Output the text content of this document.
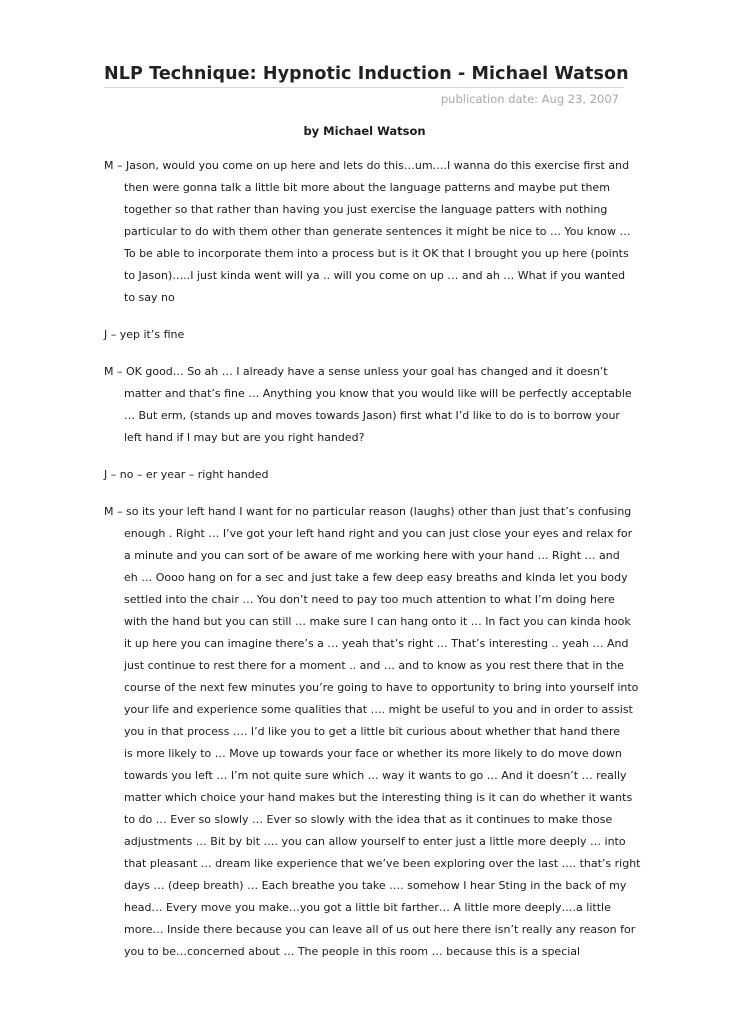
NLP Technique: Hypnotic Induction - Michael Watson
publication date: Aug 23, 2007
by Michael Watson
M – Jason, would you come on up here and lets do this…um….I wanna do this exercise first and
then were gonna talk a little bit more about the language patterns and maybe put them
together so that rather than having you just exercise the language patters with nothing
particular to do with them other than generate sentences it might be nice to … You know …
To be able to incorporate them into a process but is it OK that I brought you up here (points
to Jason)…..I just kinda went will ya .. will you come on up … and ah … What if you wanted
to say no
J – yep it’s fine
M – OK good… So ah … I already have a sense unless your goal has changed and it doesn’t
matter and that’s fine … Anything you know that you would like will be perfectly acceptable
… But erm, (stands up and moves towards Jason) first what I’d like to do is to borrow your
left hand if I may but are you right handed?
J – no – er year – right handed
M – so its your left hand I want for no particular reason (laughs) other than just that’s confusing
enough . Right … I’ve got your left hand right and you can just close your eyes and relax for
a minute and you can sort of be aware of me working here with your hand … Right … and
eh … Oooo hang on for a sec and just take a few deep easy breaths and kinda let you body
settled into the chair … You don’t need to pay too much attention to what I’m doing here
with the hand but you can still … make sure I can hang onto it … In fact you can kinda hook
it up here you can imagine there’s a … yeah that’s right … That’s interesting .. yeah … And
just continue to rest there for a moment .. and … and to know as you rest there that in the
course of the next few minutes you’re going to have to opportunity to bring into yourself into
your life and experience some qualities that …. might be useful to you and in order to assist
you in that process …. I’d like you to get a little bit curious about whether that hand there
is more likely to … Move up towards your face or whether its more likely to do move down
towards you left … I’m not quite sure which … way it wants to go … And it doesn’t … really
matter which choice your hand makes but the interesting thing is it can do whether it wants
to do … Ever so slowly … Ever so slowly with the idea that as it continues to make those
adjustments … Bit by bit …. you can allow yourself to enter just a little more deeply … into
that pleasant … dream like experience that we’ve been exploring over the last …. that’s right
days … (deep breath) … Each breathe you take …. somehow I hear Sting in the back of my
head… Every move you make…you got a little bit farther… A little more deeply….a little
more… Inside there because you can leave all of us out here there isn’t really any reason for
you to be…concerned about … The people in this room … because this is a special
